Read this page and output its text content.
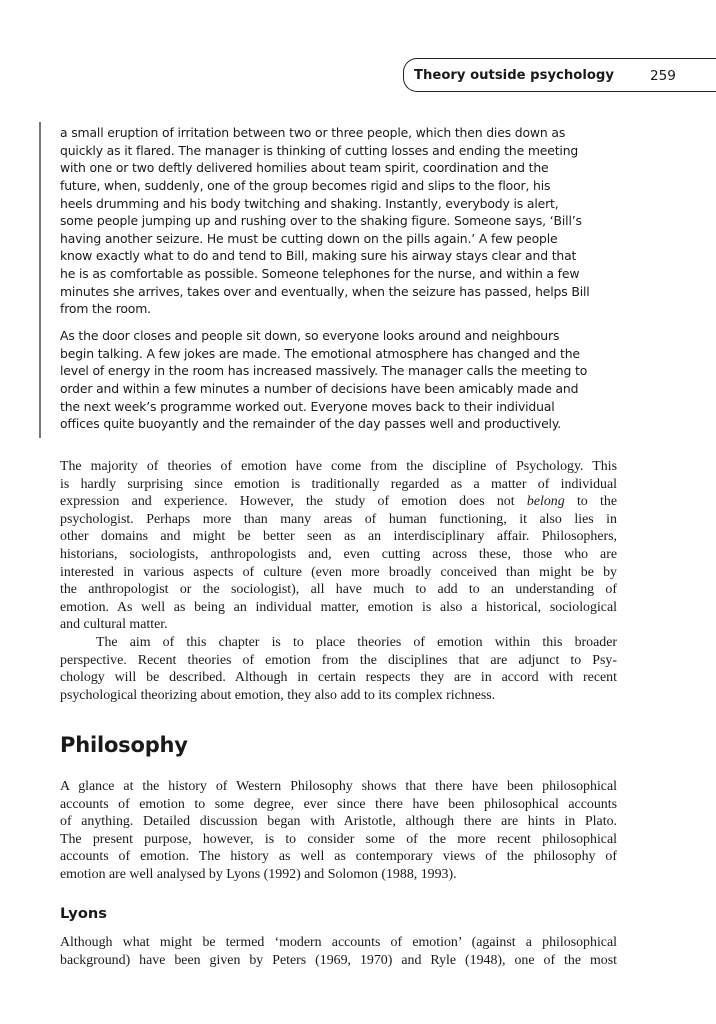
Theory outside psychology	259
a small eruption of irritation between two or three people, which then dies down as
quickly as it flared. The manager is thinking of cutting losses and ending the meeting
with one or two deftly delivered homilies about team spirit, coordination and the
future, when, suddenly, one of the group becomes rigid and slips to the floor, his
heels drumming and his body twitching and shaking. Instantly, everybody is alert,
some people jumping up and rushing over to the shaking figure. Someone says, ‘Bill’s
having another seizure. He must be cutting down on the pills again.’ A few people
know exactly what to do and tend to Bill, making sure his airway stays clear and that
he is as comfortable as possible. Someone telephones for the nurse, and within a few
minutes she arrives, takes over and eventually, when the seizure has passed, helps Bill
from the room.
As the door closes and people sit down, so everyone looks around and neighbours
begin talking. A few jokes are made. The emotional atmosphere has changed and the
level of energy in the room has increased massively. The manager calls the meeting to
order and within a few minutes a number of decisions have been amicably made and
the next week’s programme worked out. Everyone moves back to their individual
offices quite buoyantly and the remainder of the day passes well and productively.
The majority of theories of emotion have come from the discipline of Psychology. This
is hardly surprising since emotion is traditionally regarded as a matter of individual
expression and experience. However, the study of emotion does not belong to the
psychologist. Perhaps more than many areas of human functioning, it also lies in
other domains and might be better seen as an interdisciplinary affair. Philosophers,
historians, sociologists, anthropologists and, even cutting across these, those who are
interested in various aspects of culture (even more broadly conceived than might be by
the anthropologist or the sociologist), all have much to add to an understanding of
emotion. As well as being an individual matter, emotion is also a historical, sociological
and cultural matter.
The aim of this chapter is to place theories of emotion within this broader
perspective. Recent theories of emotion from the disciplines that are adjunct to Psy-
chology will be described. Although in certain respects they are in accord with recent
psychological theorizing about emotion, they also add to its complex richness.
Philosophy
A glance at the history of Western Philosophy shows that there have been philosophical
accounts of emotion to some degree, ever since there have been philosophical accounts
of anything. Detailed discussion began with Aristotle, although there are hints in Plato.
The present purpose, however, is to consider some of the more recent philosophical
accounts of emotion. The history as well as contemporary views of the philosophy of
emotion are well analysed by Lyons (1992) and Solomon (1988, 1993).
Lyons
Although what might be termed ‘modern accounts of emotion’ (against a philosophical
background) have been given by Peters (1969, 1970) and Ryle (1948), one of the most
